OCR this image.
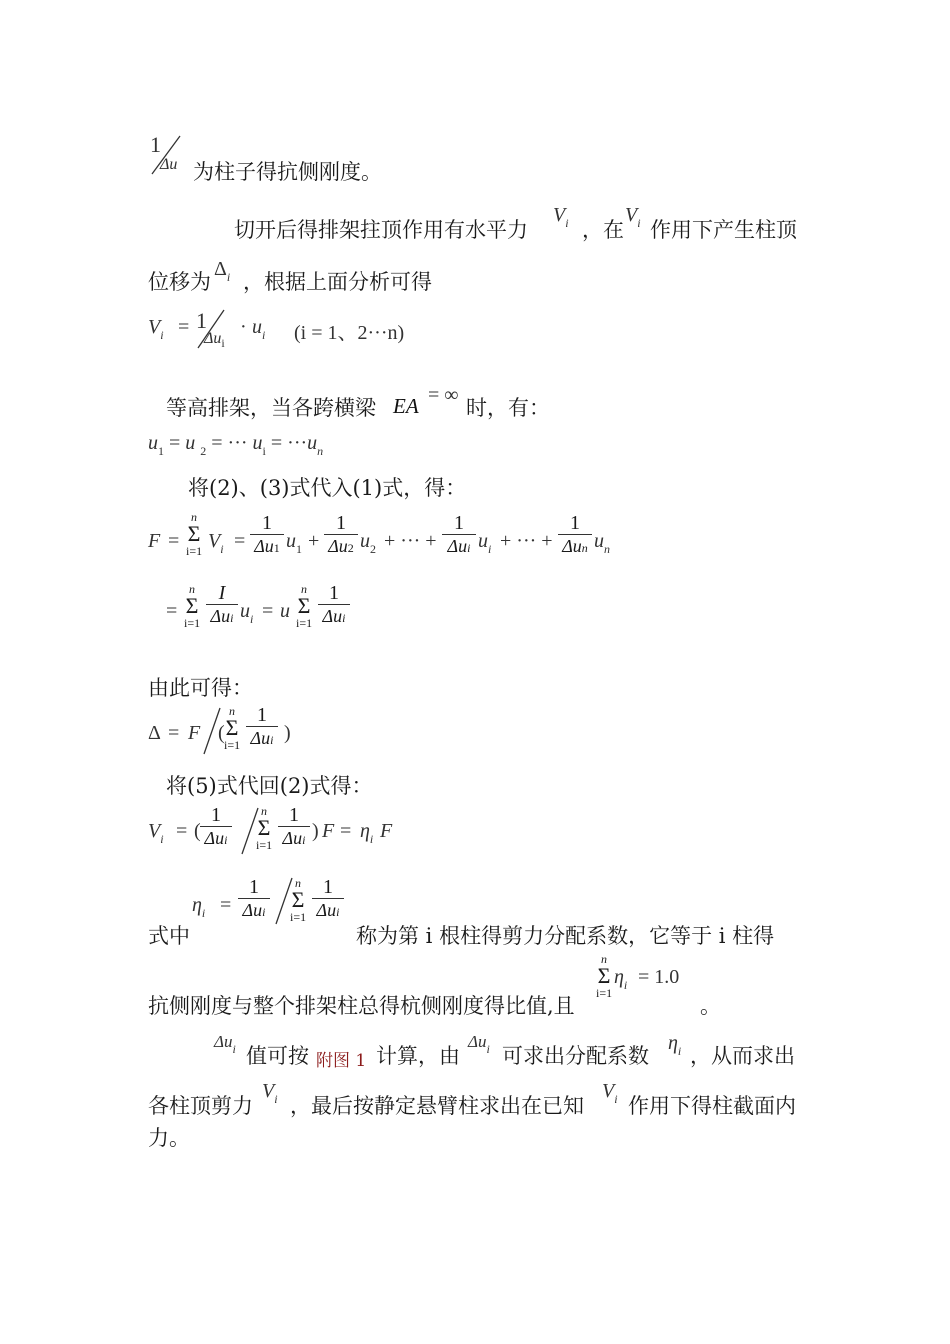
1
Δu 为柱子得抗侧刚度。
切开后得排架拄顶作用有水平力
$V_i$ ，在
$V_i$ 作用下产生柱顶
位移为
$\Delta_i$ ，根据上面分析可得
$V_i = 1$
$\Delta u_i$
· $u_i$ (i = 1、2···n)
等高排架，当各跨横梁 EA = ∞
时，有：
$u_1 = u$ $_2$ = ··· $u_i = \cdot\cdot\cdot u_n$
将(2)、(3)式代入(1)式，得：
F =
n
Σ
i=1 $V_i$ =
1
Δu1 $u_1$ +
1
Δu2 $u_2$ + ··· +
1
Δui $u_i$ + ··· +
1
Δun $u_n$
=
n
Σ
i=1
I
Δui $u_i = u$
n
Σ
i=1
1
Δui
由此可得：
Δ = F (
n
Σ
i=1
1
Δui )
将(5)式代回(2)式得：
$V_i$ = (
1
Δui
n
Σ
i=1
1
Δui ) $F = \eta_i$ F
式中
$\eta_i$ =
1
Δui
n
Σ
i=1
1
Δui
称为第 i 根柱得剪力分配系数，它等于 i 柱得
抗侧刚度与整个排架柱总得杭侧刚度得比值,且
n
Σ
i=1
$\eta_i = 1.0$
。
$\Delta u_i$ 值可按 附图 1 计算，由
$\Delta u_i$ 可求出分配系数
$\eta_i$ ，从而求出
各柱顶剪力
$V_i$ ，最后按静定悬臂柱求出在已知
$V_i$ 作用下得柱截面内
力。
